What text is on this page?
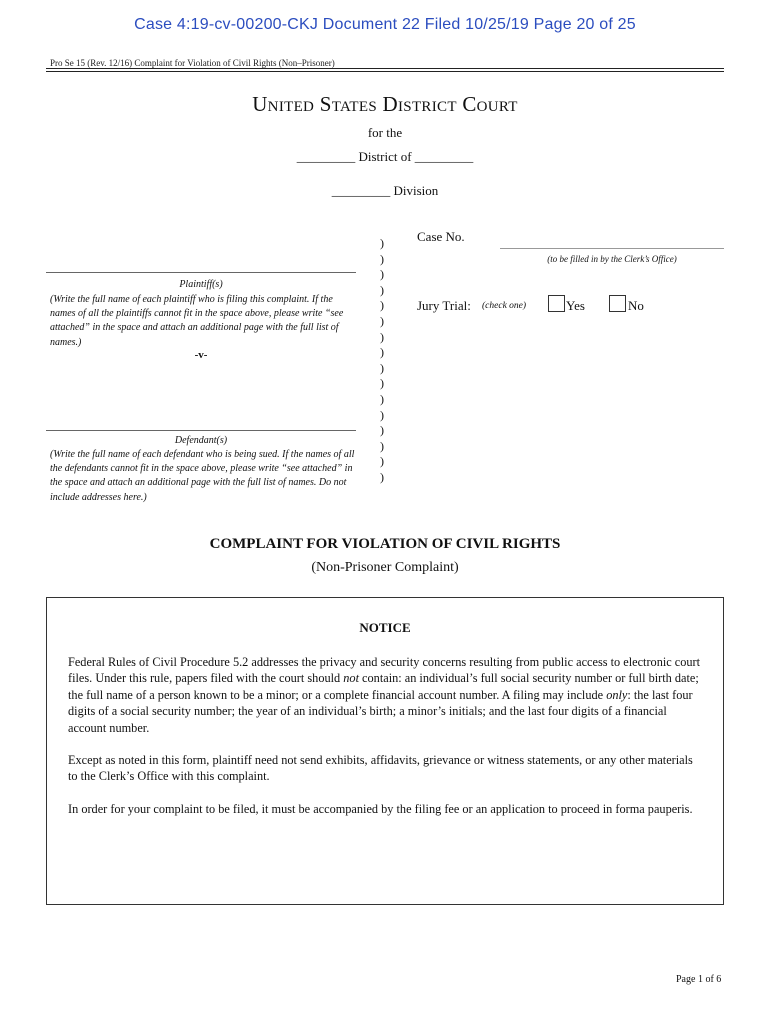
Case 4:19-cv-00200-CKJ Document 22 Filed 10/25/19 Page 20 of 25
Pro Se 15 (Rev. 12/16) Complaint for Violation of Civil Rights (Non–Prisoner)
United States District Court
for the
_________ District of _________
_________ Division
Plaintiff(s)
(Write the full name of each plaintiff who is filing this complaint. If the names of all the plaintiffs cannot fit in the space above, please write “see attached” in the space and attach an additional page with the full list of names.)
-v-
Defendant(s)
(Write the full name of each defendant who is being sued. If the names of all the defendants cannot fit in the space above, please write “see attached” in the space and attach an additional page with the full list of names. Do not include addresses here.)
)
)
)
)
)
)
)
)
)
)
)
)
)
)
)
)
Case No.
(to be filled in by the Clerk’s Office)
Jury Trial: (check one)	Yes	No
COMPLAINT FOR VIOLATION OF CIVIL RIGHTS
(Non-Prisoner Complaint)
NOTICE
Federal Rules of Civil Procedure 5.2 addresses the privacy and security concerns resulting from public access to electronic court files. Under this rule, papers filed with the court should not contain: an individual’s full social security number or full birth date; the full name of a person known to be a minor; or a complete financial account number. A filing may include only: the last four digits of a social security number; the year of an individual’s birth; a minor’s initials; and the last four digits of a financial account number.
Except as noted in this form, plaintiff need not send exhibits, affidavits, grievance or witness statements, or any other materials to the Clerk’s Office with this complaint.
In order for your complaint to be filed, it must be accompanied by the filing fee or an application to proceed in forma pauperis.
Page 1 of 6
